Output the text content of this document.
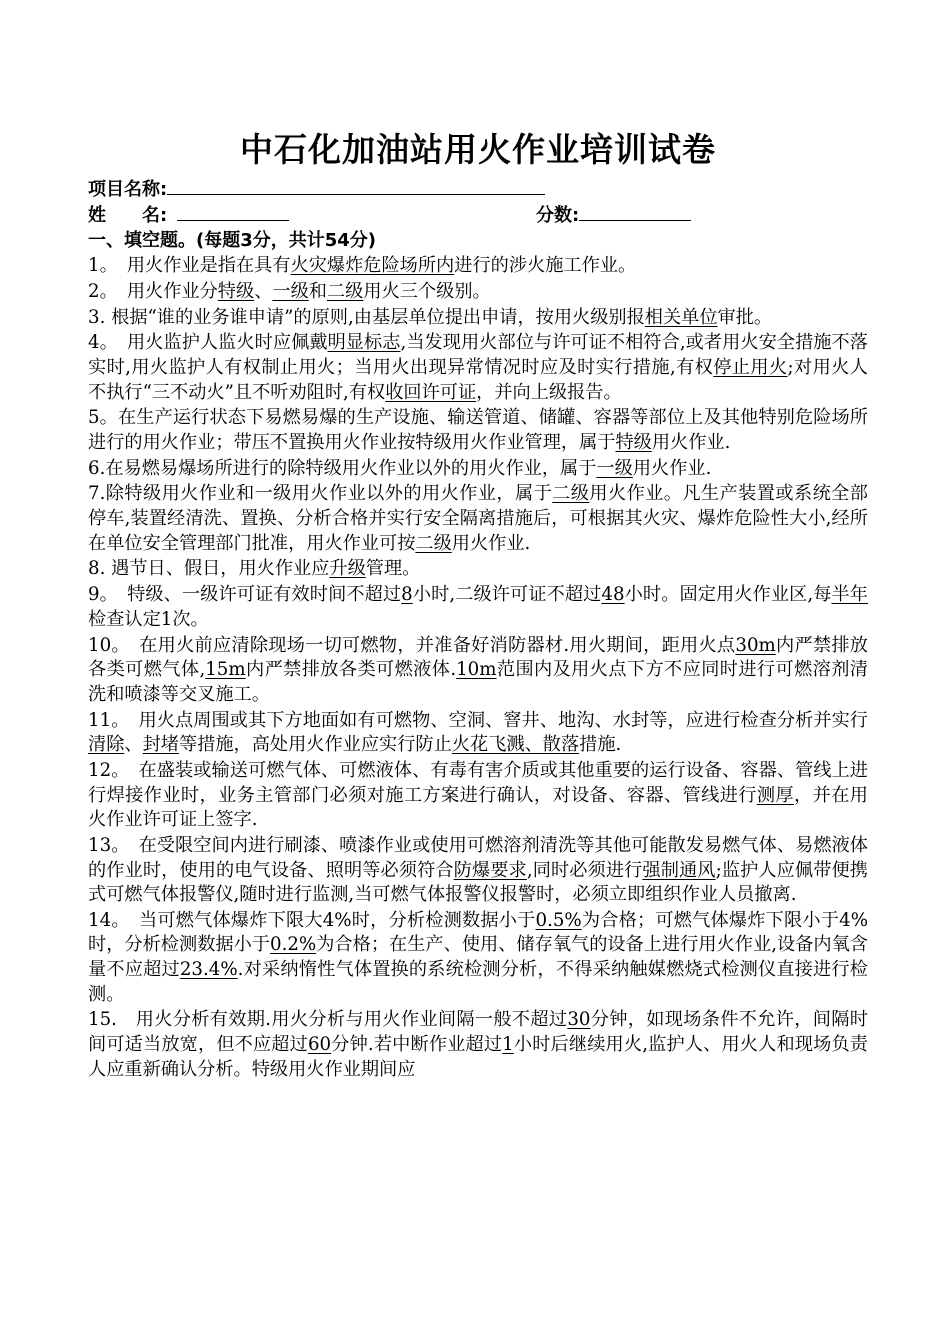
中石化加油站用火作业培训试卷
项目名称:
姓　　名:	分数:
一、填空题。(每题3分，共计54分)
1。　用火作业是指在具有火灾爆炸危险场所内进行的涉火施工作业。
2。　用火作业分特级、一级和二级用火三个级别。
3. 根据“谁的业务谁申请”的原则,由基层单位提出申请，按用火级别报相关单位审批。
4。　用火监护人监火时应佩戴明显标志,当发现用火部位与许可证不相符合,或者用火安全措施不落实时,用火监护人有权制止用火；当用火出现异常情况时应及时实行措施,有权停止用火;对用火人不执行“三不动火”且不听劝阻时,有权收回许可证，并向上级报告。
5。在生产运行状态下易燃易爆的生产设施、输送管道、储罐、容器等部位上及其他特别危险场所进行的用火作业；带压不置换用火作业按特级用火作业管理，属于特级用火作业.
6.在易燃易爆场所进行的除特级用火作业以外的用火作业，属于一级用火作业.
7.除特级用火作业和一级用火作业以外的用火作业，属于二级用火作业。凡生产装置或系统全部停车,装置经清洗、置换、分析合格并实行安全隔离措施后，可根据其火灾、爆炸危险性大小,经所在单位安全管理部门批准，用火作业可按二级用火作业.
8. 遇节日、假日，用火作业应升级管理。
9。　特级、一级许可证有效时间不超过8小时,二级许可证不超过48小时。固定用火作业区,每半年检查认定1次。
10。　在用火前应清除现场一切可燃物，并准备好消防器材.用火期间，距用火点30m内严禁排放各类可燃气体,15m内严禁排放各类可燃液体.10m范围内及用火点下方不应同时进行可燃溶剂清洗和喷漆等交叉施工。
11。　用火点周围或其下方地面如有可燃物、空洞、窨井、地沟、水封等，应进行检查分析并实行清除、封堵等措施，高处用火作业应实行防止火花飞溅、散落措施.
12。　在盛装或输送可燃气体、可燃液体、有毒有害介质或其他重要的运行设备、容器、管线上进行焊接作业时，业务主管部门必须对施工方案进行确认，对设备、容器、管线进行测厚，并在用火作业许可证上签字.
13。　在受限空间内进行刷漆、喷漆作业或使用可燃溶剂清洗等其他可能散发易燃气体、易燃液体的作业时，使用的电气设备、照明等必须符合防爆要求,同时必须进行强制通风;监护人应佩带便携式可燃气体报警仪,随时进行监测,当可燃气体报警仪报警时，必须立即组织作业人员撤离.
14。　当可燃气体爆炸下限大4%时，分析检测数据小于0.5%为合格；可燃气体爆炸下限小于4%时，分析检测数据小于0.2%为合格；在生产、使用、储存氧气的设备上进行用火作业,设备内氧含量不应超过23.4%.对采纳惰性气体置换的系统检测分析，不得采纳触媒燃烧式检测仪直接进行检测。
15.　用火分析有效期.用火分析与用火作业间隔一般不超过30分钟，如现场条件不允许，间隔时间可适当放宽，但不应超过60分钟.若中断作业超过1小时后继续用火,监护人、用火人和现场负责人应重新确认分析。特级用火作业期间应
